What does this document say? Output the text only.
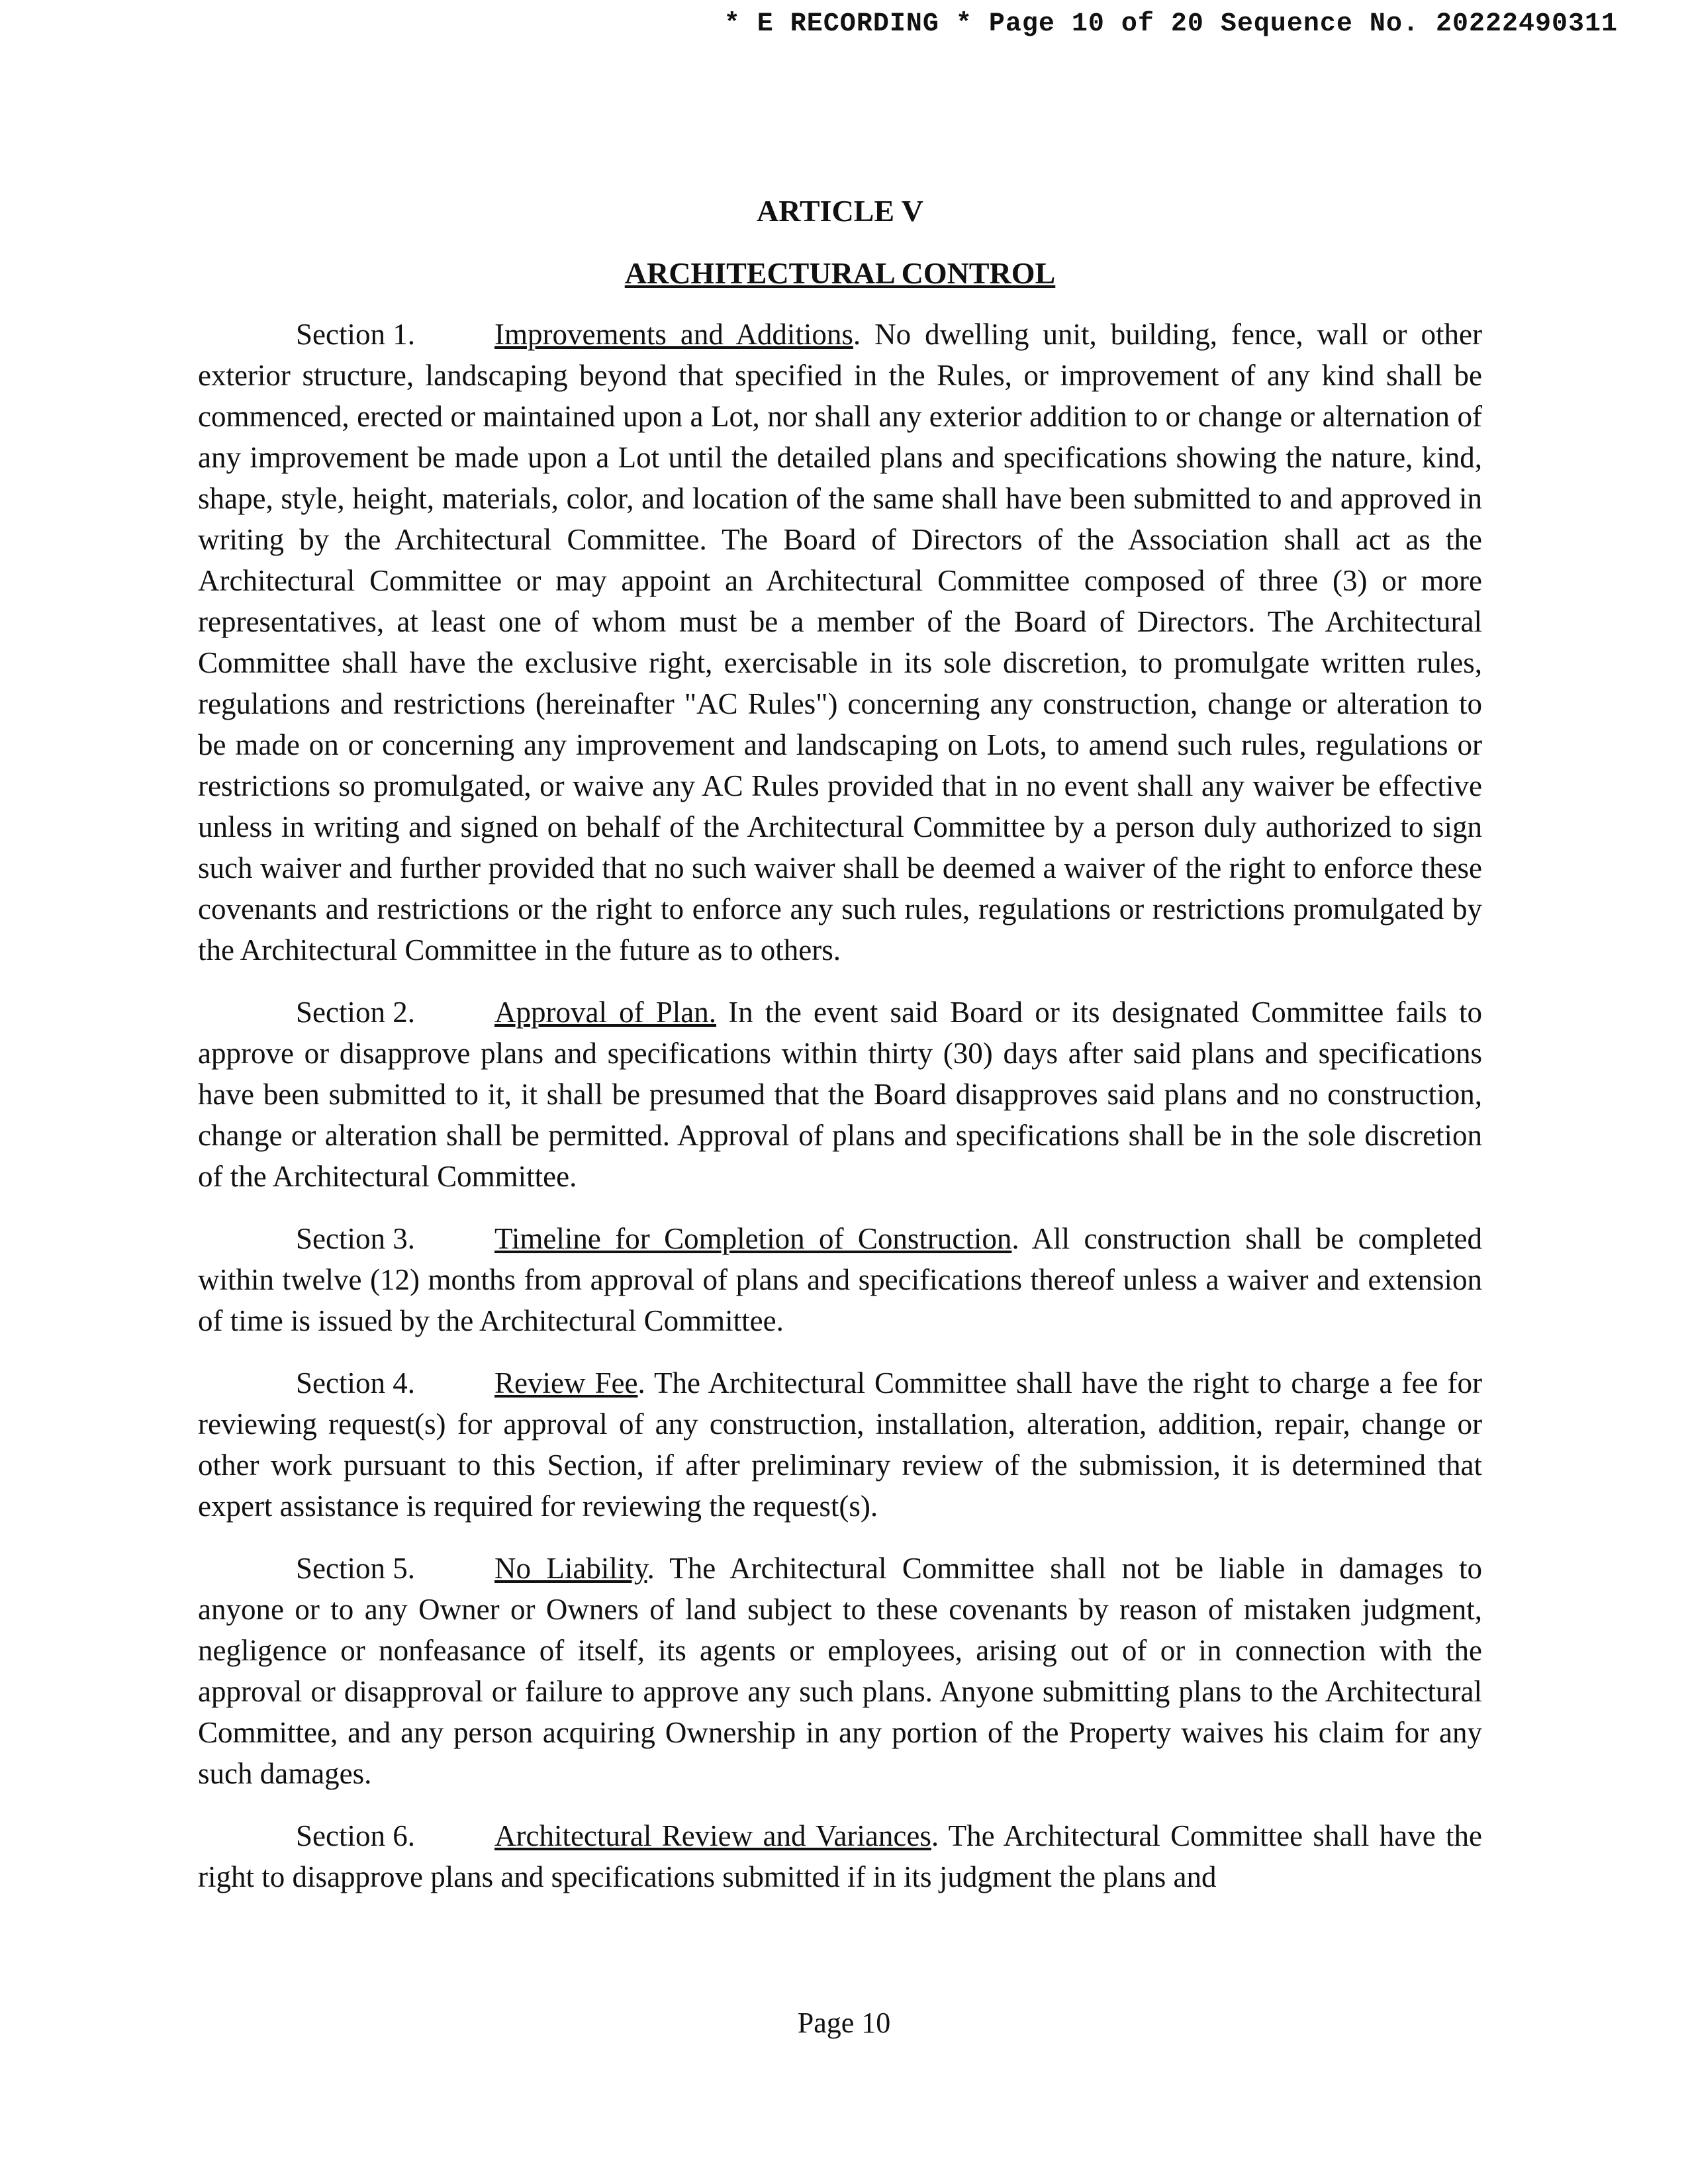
* E RECORDING * Page 10 of 20 Sequence No. 20222490311

ARTICLE V

ARCHITECTURAL CONTROL

Section 1.	Improvements and Additions. No dwelling unit, building, fence, wall or other exterior structure, landscaping beyond that specified in the Rules, or improvement of any kind shall be commenced, erected or maintained upon a Lot, nor shall any exterior addition to or change or alternation of any improvement be made upon a Lot until the detailed plans and specifications showing the nature, kind, shape, style, height, materials, color, and location of the same shall have been submitted to and approved in writing by the Architectural Committee. The Board of Directors of the Association shall act as the Architectural Committee or may appoint an Architectural Committee composed of three (3) or more representatives, at least one of whom must be a member of the Board of Directors. The Architectural Committee shall have the exclusive right, exercisable in its sole discretion, to promulgate written rules, regulations and restrictions (hereinafter "AC Rules") concerning any construction, change or alteration to be made on or concerning any improvement and landscaping on Lots, to amend such rules, regulations or restrictions so promulgated, or waive any AC Rules provided that in no event shall any waiver be effective unless in writing and signed on behalf of the Architectural Committee by a person duly authorized to sign such waiver and further provided that no such waiver shall be deemed a waiver of the right to enforce these covenants and restrictions or the right to enforce any such rules, regulations or restrictions promulgated by the Architectural Committee in the future as to others.

Section 2.	Approval of Plan. In the event said Board or its designated Committee fails to approve or disapprove plans and specifications within thirty (30) days after said plans and specifications have been submitted to it, it shall be presumed that the Board disapproves said plans and no construction, change or alteration shall be permitted. Approval of plans and specifications shall be in the sole discretion of the Architectural Committee.

Section 3.	Timeline for Completion of Construction. All construction shall be completed within twelve (12) months from approval of plans and specifications thereof unless a waiver and extension of time is issued by the Architectural Committee.

Section 4.	Review Fee. The Architectural Committee shall have the right to charge a fee for reviewing request(s) for approval of any construction, installation, alteration, addition, repair, change or other work pursuant to this Section, if after preliminary review of the submission, it is determined that expert assistance is required for reviewing the request(s).

Section 5.	No Liability. The Architectural Committee shall not be liable in damages to anyone or to any Owner or Owners of land subject to these covenants by reason of mistaken judgment, negligence or nonfeasance of itself, its agents or employees, arising out of or in connection with the approval or disapproval or failure to approve any such plans. Anyone submitting plans to the Architectural Committee, and any person acquiring Ownership in any portion of the Property waives his claim for any such damages.

Section 6.	Architectural Review and Variances. The Architectural Committee shall have the right to disapprove plans and specifications submitted if in its judgment the plans and

Page 10
